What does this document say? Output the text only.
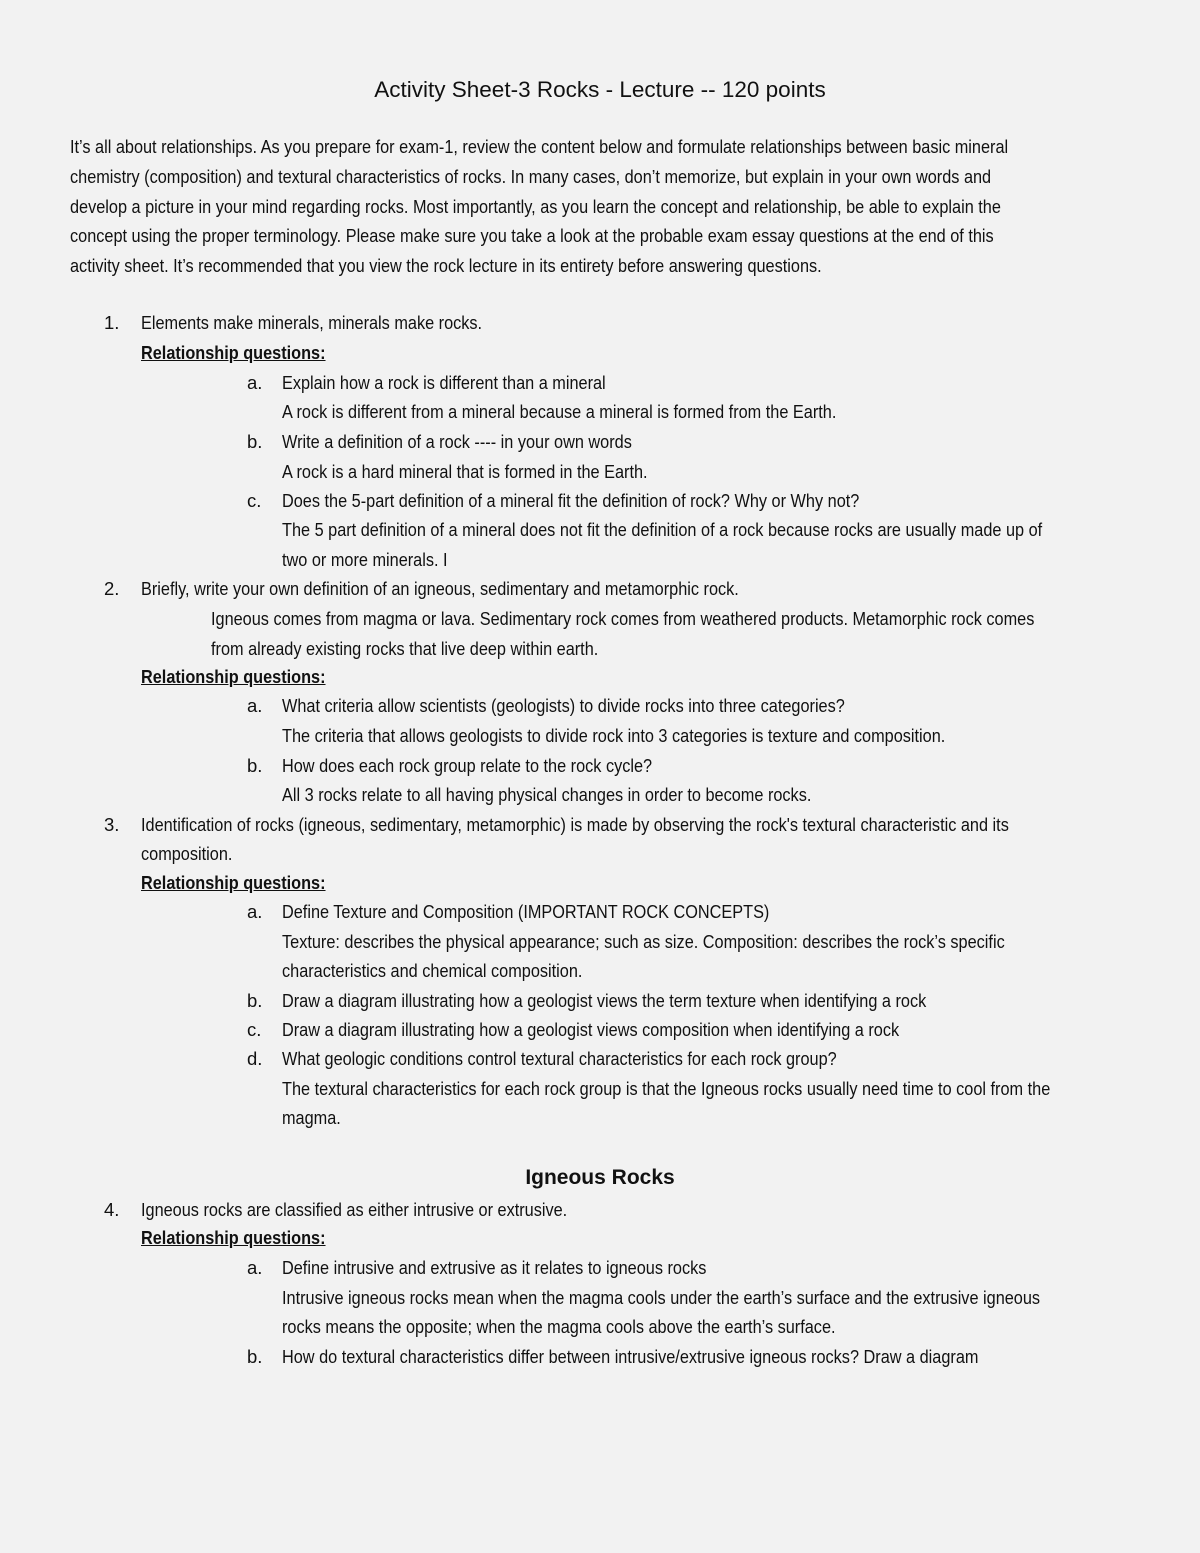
Activity Sheet-3 Rocks - Lecture -- 120 points
It’s all about relationships. As you prepare for exam-1, review the content below and formulate relationships between basic mineral
chemistry (composition) and textural characteristics of rocks. In many cases, don’t memorize, but explain in your own words and
develop a picture in your mind regarding rocks. Most importantly, as you learn the concept and relationship, be able to explain the
concept using the proper terminology. Please make sure you take a look at the probable exam essay questions at the end of this
activity sheet. It’s recommended that you view the rock lecture in its entirety before answering questions.
1. Elements make minerals, minerals make rocks.
Relationship questions:
a. Explain how a rock is different than a mineral
A rock is different from a mineral because a mineral is formed from the Earth.
b. Write a definition of a rock ---- in your own words
A rock is a hard mineral that is formed in the Earth.
c. Does the 5-part definition of a mineral fit the definition of rock? Why or Why not?
The 5 part definition of a mineral does not fit the definition of a rock because rocks are usually made up of
two or more minerals. I
2. Briefly, write your own definition of an igneous, sedimentary and metamorphic rock.
Igneous comes from magma or lava. Sedimentary rock comes from weathered products. Metamorphic rock comes
from already existing rocks that live deep within earth.
Relationship questions:
a. What criteria allow scientists (geologists) to divide rocks into three categories?
The criteria that allows geologists to divide rock into 3 categories is texture and composition.
b. How does each rock group relate to the rock cycle?
All 3 rocks relate to all having physical changes in order to become rocks.
3. Identification of rocks (igneous, sedimentary, metamorphic) is made by observing the rock's textural characteristic and its
composition.
Relationship questions:
a. Define Texture and Composition (IMPORTANT ROCK CONCEPTS)
Texture: describes the physical appearance; such as size. Composition: describes the rock’s specific
characteristics and chemical composition.
b. Draw a diagram illustrating how a geologist views the term texture when identifying a rock
c. Draw a diagram illustrating how a geologist views composition when identifying a rock
d. What geologic conditions control textural characteristics for each rock group?
The textural characteristics for each rock group is that the Igneous rocks usually need time to cool from the
magma.
Igneous Rocks
4. Igneous rocks are classified as either intrusive or extrusive.
Relationship questions:
a. Define intrusive and extrusive as it relates to igneous rocks
Intrusive igneous rocks mean when the magma cools under the earth’s surface and the extrusive igneous
rocks means the opposite; when the magma cools above the earth’s surface.
b. How do textural characteristics differ between intrusive/extrusive igneous rocks? Draw a diagram
